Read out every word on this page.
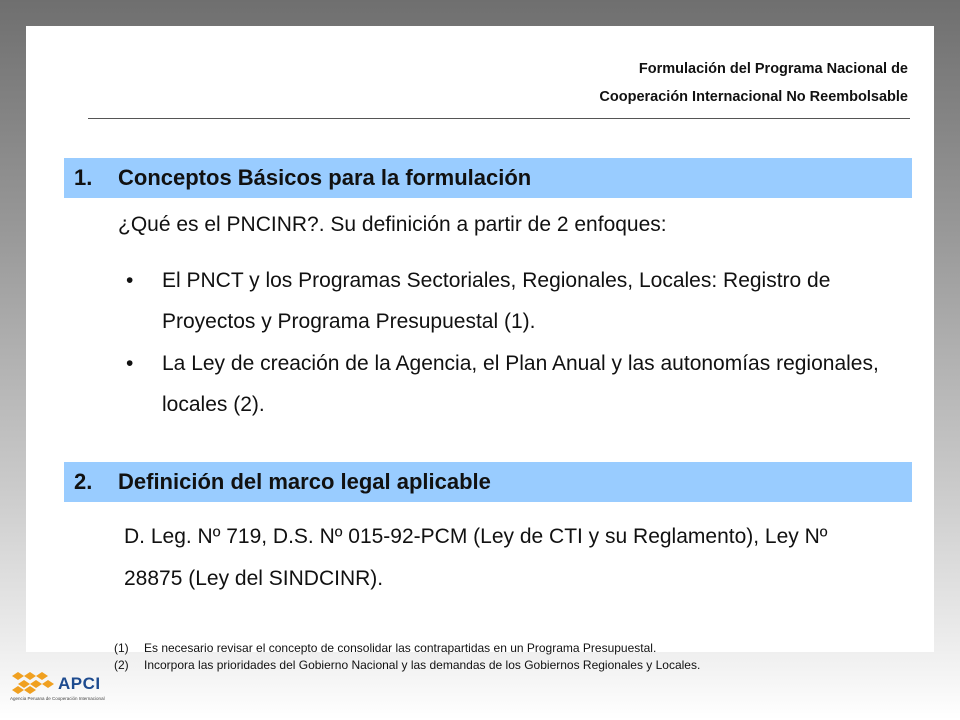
Formulación del Programa Nacional de
Cooperación Internacional No Reembolsable
1. Conceptos Básicos para la formulación
¿Qué es el PNCINR?. Su definición a partir de 2 enfoques:
• El PNCT y los Programas Sectoriales, Regionales, Locales: Registro de Proyectos y Programa Presupuestal (1).
• La Ley de creación de la Agencia, el Plan Anual y las autonomías regionales, locales (2).
2. Definición del marco legal aplicable
D. Leg. Nº 719, D.S. Nº 015-92-PCM (Ley de CTI y su Reglamento), Ley Nº 28875 (Ley del SINDCINR).
(1) Es necesario revisar el concepto de consolidar las contrapartidas en un Programa Presupuestal.
(2) Incorpora las prioridades del Gobierno Nacional y las demandas de los Gobiernos Regionales y Locales.
APCI
Agencia Peruana de Cooperación Internacional
